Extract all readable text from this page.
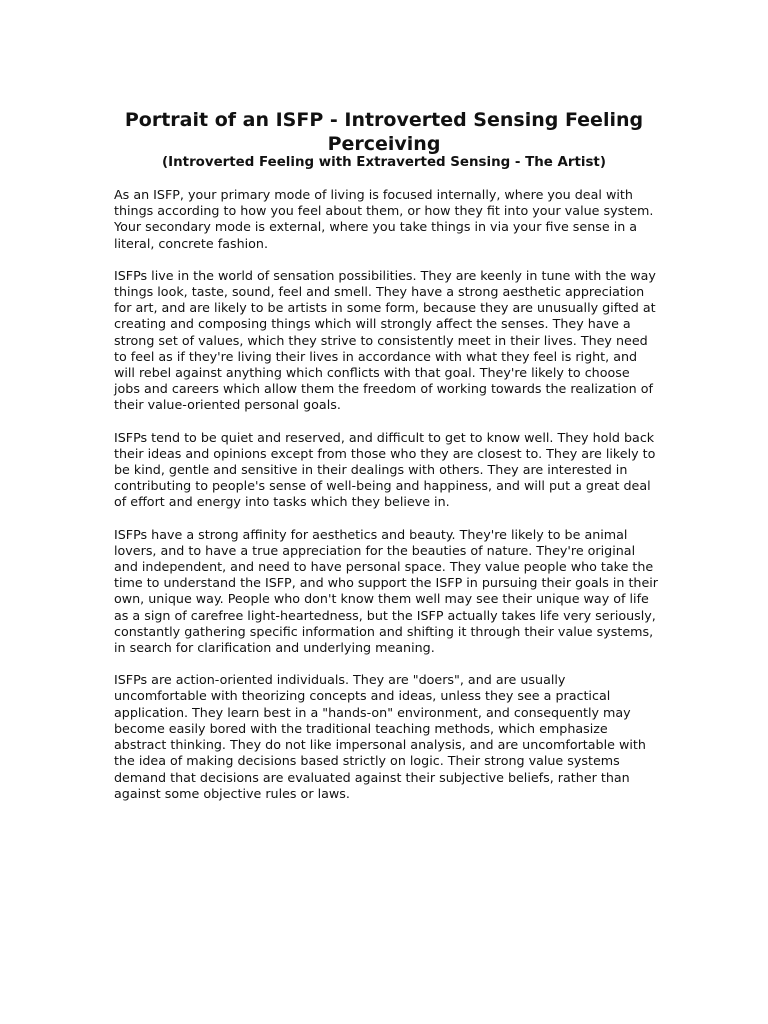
Portrait of an ISFP - Introverted Sensing Feeling Perceiving
(Introverted Feeling with Extraverted Sensing - The Artist)

As an ISFP, your primary mode of living is focused internally, where you deal with things according to how you feel about them, or how they fit into your value system. Your secondary mode is external, where you take things in via your five sense in a literal, concrete fashion.

ISFPs live in the world of sensation possibilities. They are keenly in tune with the way things look, taste, sound, feel and smell. They have a strong aesthetic appreciation for art, and are likely to be artists in some form, because they are unusually gifted at creating and composing things which will strongly affect the senses. They have a strong set of values, which they strive to consistently meet in their lives. They need to feel as if they're living their lives in accordance with what they feel is right, and will rebel against anything which conflicts with that goal. They're likely to choose jobs and careers which allow them the freedom of working towards the realization of their value-oriented personal goals.

ISFPs tend to be quiet and reserved, and difficult to get to know well. They hold back their ideas and opinions except from those who they are closest to. They are likely to be kind, gentle and sensitive in their dealings with others. They are interested in contributing to people's sense of well-being and happiness, and will put a great deal of effort and energy into tasks which they believe in.

ISFPs have a strong affinity for aesthetics and beauty. They're likely to be animal lovers, and to have a true appreciation for the beauties of nature. They're original and independent, and need to have personal space. They value people who take the time to understand the ISFP, and who support the ISFP in pursuing their goals in their own, unique way. People who don't know them well may see their unique way of life as a sign of carefree light-heartedness, but the ISFP actually takes life very seriously, constantly gathering specific information and shifting it through their value systems, in search for clarification and underlying meaning.

ISFPs are action-oriented individuals. They are "doers", and are usually uncomfortable with theorizing concepts and ideas, unless they see a practical application. They learn best in a "hands-on" environment, and consequently may become easily bored with the traditional teaching methods, which emphasize abstract thinking. They do not like impersonal analysis, and are uncomfortable with the idea of making decisions based strictly on logic. Their strong value systems demand that decisions are evaluated against their subjective beliefs, rather than against some objective rules or laws.
